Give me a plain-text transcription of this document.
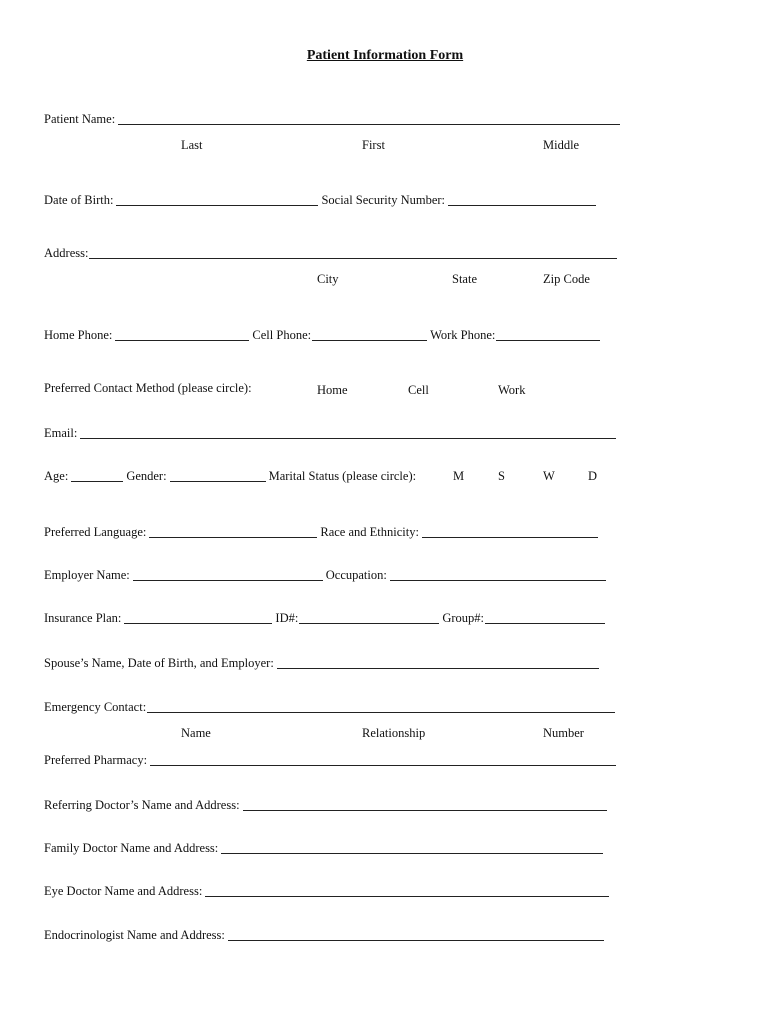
Patient Information Form
Patient Name:
Last	First	Middle
Date of Birth:	Social Security Number:
Address:
City	State	Zip Code
Home Phone:	Cell Phone:	Work Phone:
Preferred Contact Method (please circle):	Home	Cell	Work
Email:
Age:	Gender:	Marital Status (please circle):	M	S	W	D
Preferred Language:	Race and Ethnicity:
Employer Name:	Occupation:
Insurance Plan:	ID#:	Group#:
Spouse’s Name, Date of Birth, and Employer:
Emergency Contact:
Name	Relationship	Number
Preferred Pharmacy:
Referring Doctor’s Name and Address:
Family Doctor Name and Address:
Eye Doctor Name and Address:
Endocrinologist Name and Address:
